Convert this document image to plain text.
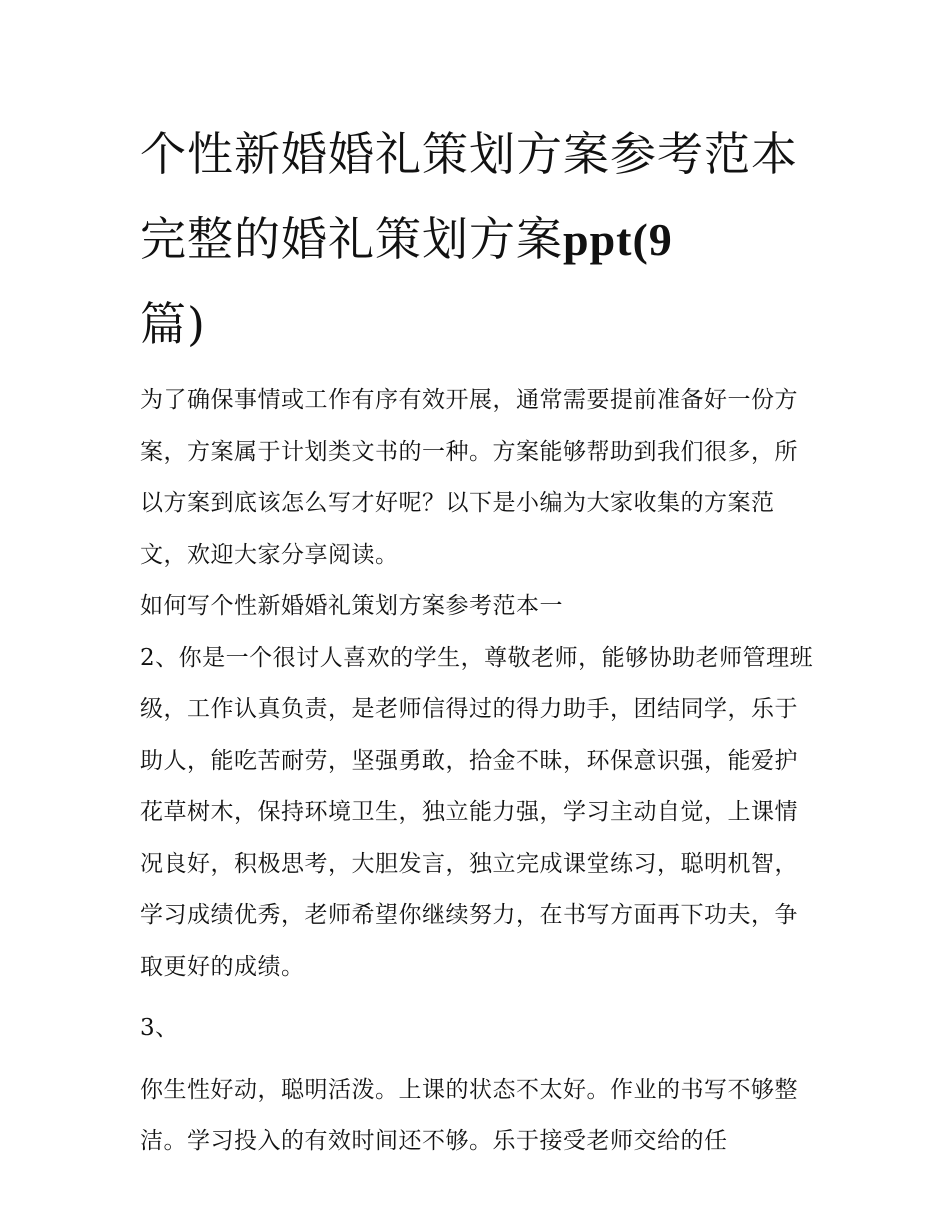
个性新婚婚礼策划方案参考范本 完整的婚礼策划方案ppt(9
篇)

为了确保事情或工作有序有效开展，通常需要提前准备好一份方案，方案属于计划类文书的一种。方案能够帮助到我们很多，所以方案到底该怎么写才好呢？以下是小编为大家收集的方案范文，欢迎大家分享阅读。

如何写个性新婚婚礼策划方案参考范本一

2、你是一个很讨人喜欢的学生，尊敬老师，能够协助老师管理班级，工作认真负责，是老师信得过的得力助手，团结同学，乐于助人，能吃苦耐劳，坚强勇敢，拾金不昧，环保意识强，能爱护花草树木，保持环境卫生，独立能力强，学习主动自觉，上课情况良好，积极思考，大胆发言，独立完成课堂练习，聪明机智，学习成绩优秀，老师希望你继续努力，在书写方面再下功夫，争取更好的成绩。

3、

你生性好动，聪明活泼。上课的状态不太好。作业的书写不够整洁。学习投入的有效时间还不够。乐于接受老师交给的任
